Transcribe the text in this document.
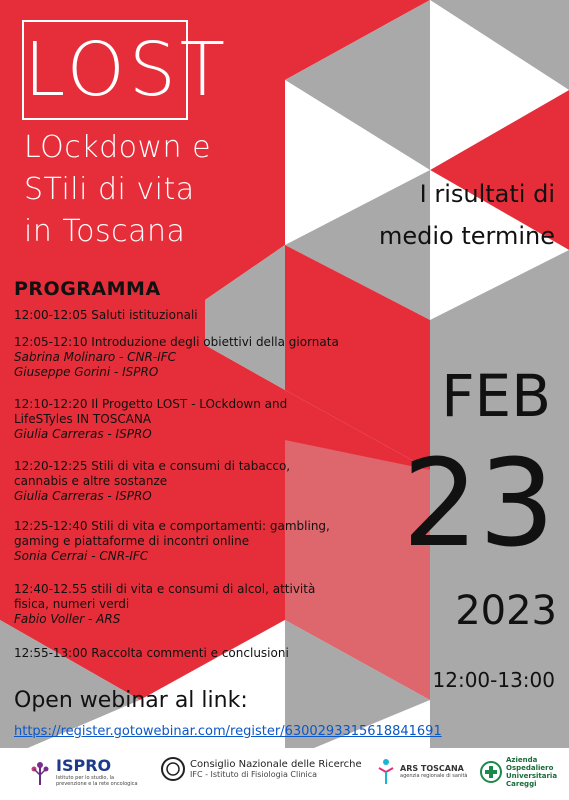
LOST
LOckdown e
STili di vita
in Toscana
I risultati di
medio termine
PROGRAMMA
12:00-12:05 Saluti istituzionali
12:05-12:10 Introduzione degli obiettivi della giornata
Sabrina Molinaro - CNR-IFC
Giuseppe Gorini - ISPRO
12:10-12:20 Il Progetto LOST - LOckdown and LifeSTyles IN TOSCANA
Giulia Carreras - ISPRO
12:20-12:25 Stili di vita e consumi di tabacco, cannabis e altre sostanze
Giulia Carreras - ISPRO
12:25-12:40 Stili di vita e comportamenti: gambling, gaming e piattaforme di incontri online
Sonia Cerrai - CNR-IFC
12:40-12.55 stili di vita e consumi di alcol, attività fisica, numeri verdi
Fabio Voller - ARS
12:55-13:00 Raccolta commenti e conclusioni
FEB
23
2023
12:00-13:00
Open webinar al link:
https://register.gotowebinar.com/register/6300293315618841691
ISPRO
Istituto per lo studio, la prevenzione e la rete oncologica
Consiglio Nazionale delle Ricerche
IFC - Istituto di Fisiologia Clinica
ARS TOSCANA
agenzia regionale di sanità
Azienda Ospedaliero Universitaria Careggi
